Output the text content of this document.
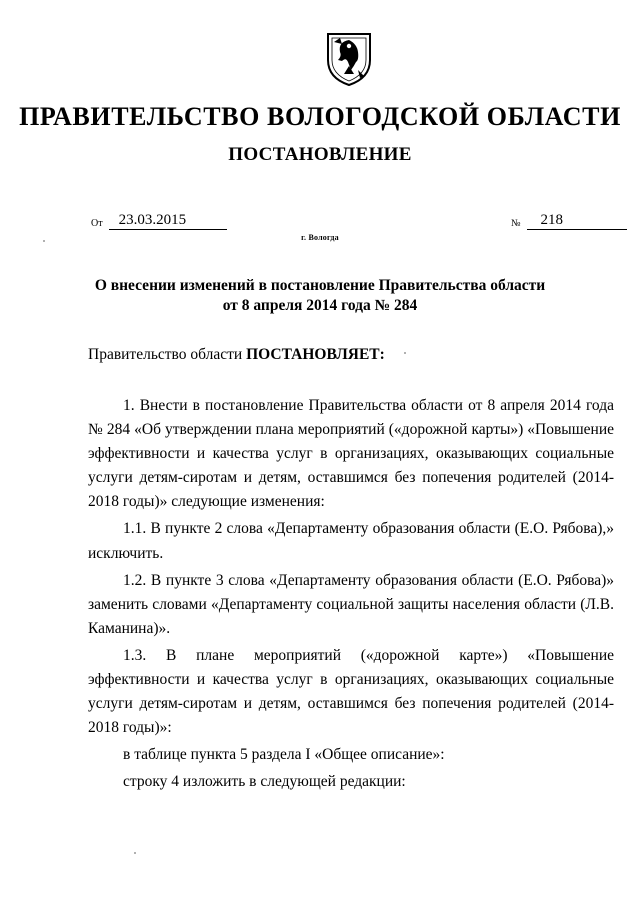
ПРАВИТЕЛЬСТВО ВОЛОГОДСКОЙ ОБЛАСТИ
ПОСТАНОВЛЕНИЕ
От	23.03.2015	№	218
г. Вологда
О внесении изменений в постановление Правительства области
от 8 апреля 2014 года № 284
Правительство области ПОСТАНОВЛЯЕТ:

1. Внести в постановление Правительства области от 8 апреля 2014 года № 284 «Об утверждении плана мероприятий («дорожной карты») «Повышение эффективности и качества услуг в организациях, оказывающих социальные услуги детям-сиротам и детям, оставшимся без попечения родителей (2014-2018 годы)» следующие изменения:

1.1. В пункте 2 слова «Департаменту образования области (Е.О. Рябова),» исключить.

1.2. В пункте 3 слова «Департаменту образования области (Е.О. Рябова)» заменить словами «Департаменту социальной защиты населения области (Л.В. Каманина)».

1.3. В плане мероприятий («дорожной карте») «Повышение эффективности и качества услуг в организациях, оказывающих социальные услуги детям-сиротам и детям, оставшимся без попечения родителей (2014-2018 годы)»:

в таблице пункта 5 раздела I «Общее описание»:

строку 4 изложить в следующей редакции:
